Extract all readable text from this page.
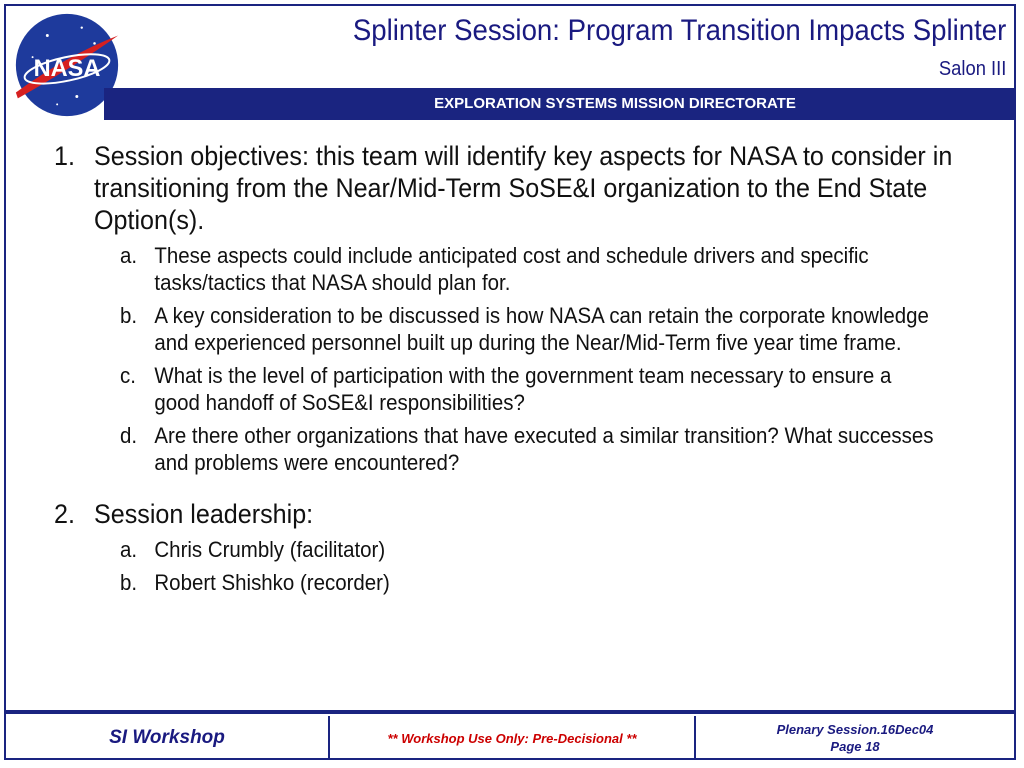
NASA
Splinter Session: Program Transition Impacts Splinter
Salon III
EXPLORATION SYSTEMS MISSION DIRECTORATE
1. Session objectives: this team will identify key aspects for NASA to consider in transitioning from the Near/Mid-Term SoSE&I organization to the End State Option(s).
a. These aspects could include anticipated cost and schedule drivers and specific tasks/tactics that NASA should plan for.
b. A key consideration to be discussed is how NASA can retain the corporate knowledge and experienced personnel built up during the Near/Mid-Term five year time frame.
c. What is the level of participation with the government team necessary to ensure a good handoff of SoSE&I responsibilities?
d. Are there other organizations that have executed a similar transition? What successes and problems were encountered?
2. Session leadership:
a. Chris Crumbly (facilitator)
b. Robert Shishko (recorder)
SI Workshop	** Workshop Use Only: Pre-Decisional **
Plenary Session.16Dec04
Page 18
